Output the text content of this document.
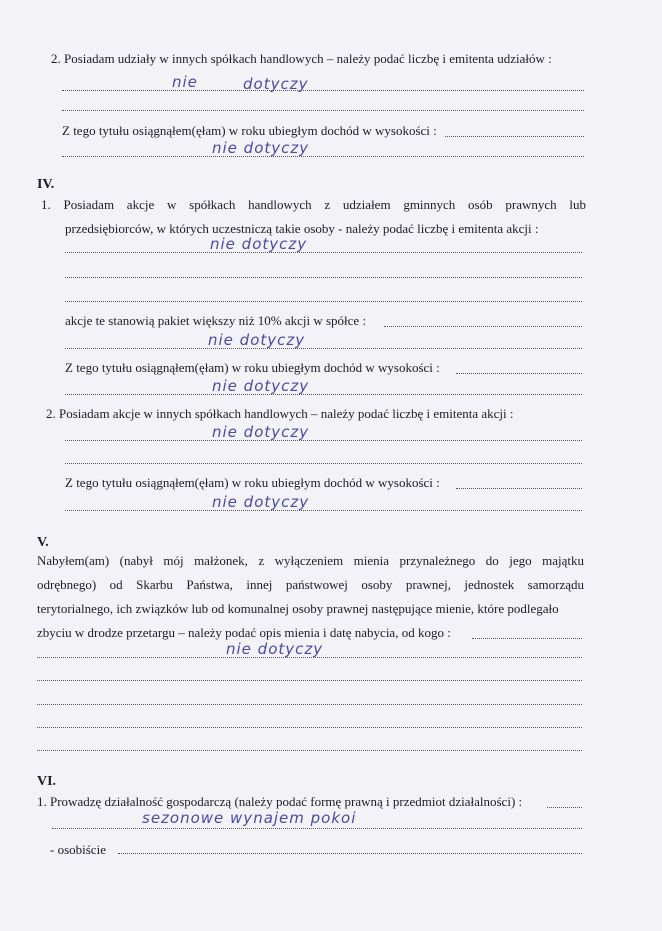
2. Posiadam udziały w innych spółkach handlowych – należy podać liczbę i emitenta udziałów :
nie	dotyczy
Z tego tytułu osiągnąłem(ęłam) w roku ubiegłym dochód w wysokości :
nie dotyczy
IV.
1. Posiadam akcje w spółkach handlowych z udziałem gminnych osób prawnych lub
przedsiębiorców, w których uczestniczą takie osoby - należy podać liczbę i emitenta akcji :
nie dotyczy
akcje te stanowią pakiet większy niż 10% akcji w spółce :
nie dotyczy
Z tego tytułu osiągnąłem(ęłam) w roku ubiegłym dochód w wysokości :
nie dotyczy
2. Posiadam akcje w innych spółkach handlowych – należy podać liczbę i emitenta akcji :
nie dotyczy
Z tego tytułu osiągnąłem(ęłam) w roku ubiegłym dochód w wysokości :
nie dotyczy
V.
Nabyłem(am) (nabył mój małżonek, z wyłączeniem mienia przynależnego do jego majątku
odrębnego) od Skarbu Państwa, innej państwowej osoby prawnej, jednostek samorządu
terytorialnego, ich związków lub od komunalnej osoby prawnej następujące mienie, które podlegało
zbyciu w drodze przetargu – należy podać opis mienia i datę nabycia, od kogo :
nie dotyczy
VI.
1. Prowadzę działalność gospodarczą (należy podać formę prawną i przedmiot działalności) :
sezonowe wynajem pokoi
- osobiście
